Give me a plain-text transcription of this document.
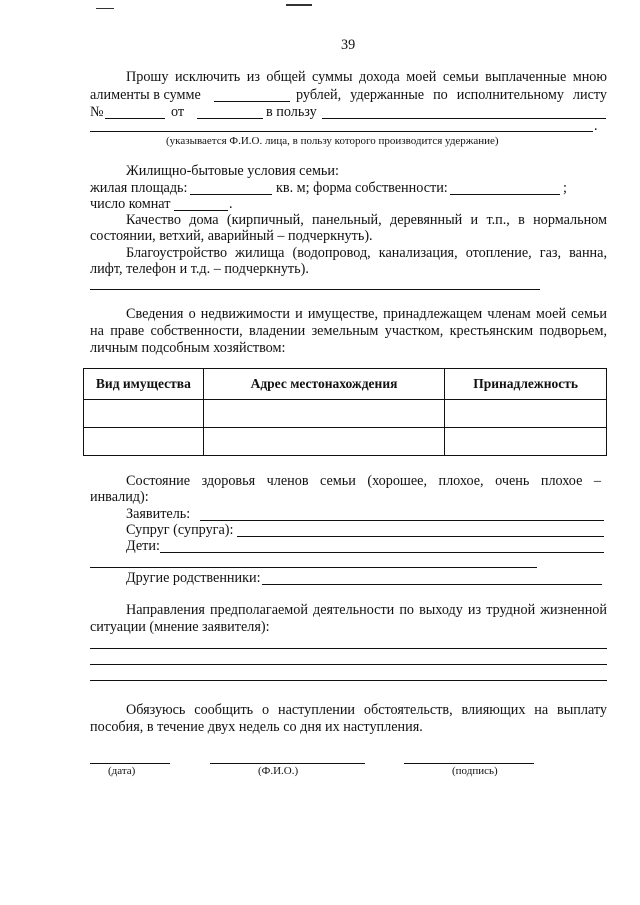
39
Прошу исключить из общей суммы дохода моей семьи выплаченные мною
алименты в сумме	рублей, удержанные по исполнительному листу
№	от	в пользу
.
(указывается Ф.И.О. лица, в пользу которого производится удержание)
Жилищно-бытовые условия семьи:
жилая площадь:	кв. м; форма собственности:	;
число комнат	.
Качество дома (кирпичный, панельный, деревянный и т.п., в нормальном
состоянии, ветхий, аварийный – подчеркнуть).
Благоустройство жилища (водопровод, канализация, отопление, газ, ванна,
лифт, телефон и т.д. – подчеркнуть).
Сведения о недвижимости и имуществе, принадлежащем членам моей семьи
на праве собственности, владении земельным участком, крестьянским подворьем,
личным подсобным хозяйством:
Вид имущества	Адрес местонахождения	Принадлежность

Состояние здоровья членов семьи (хорошее, плохое, очень плохое –
инвалид):
Заявитель:
Супруг (супруга):
Дети:
Другие родственники:
Направления предполагаемой деятельности по выходу из трудной жизненной
ситуации (мнение заявителя):
Обязуюсь сообщить о наступлении обстоятельств, влияющих на выплату
пособия, в течение двух недель со дня их наступления.
(дата)	(Ф.И.О.)	(подпись)
